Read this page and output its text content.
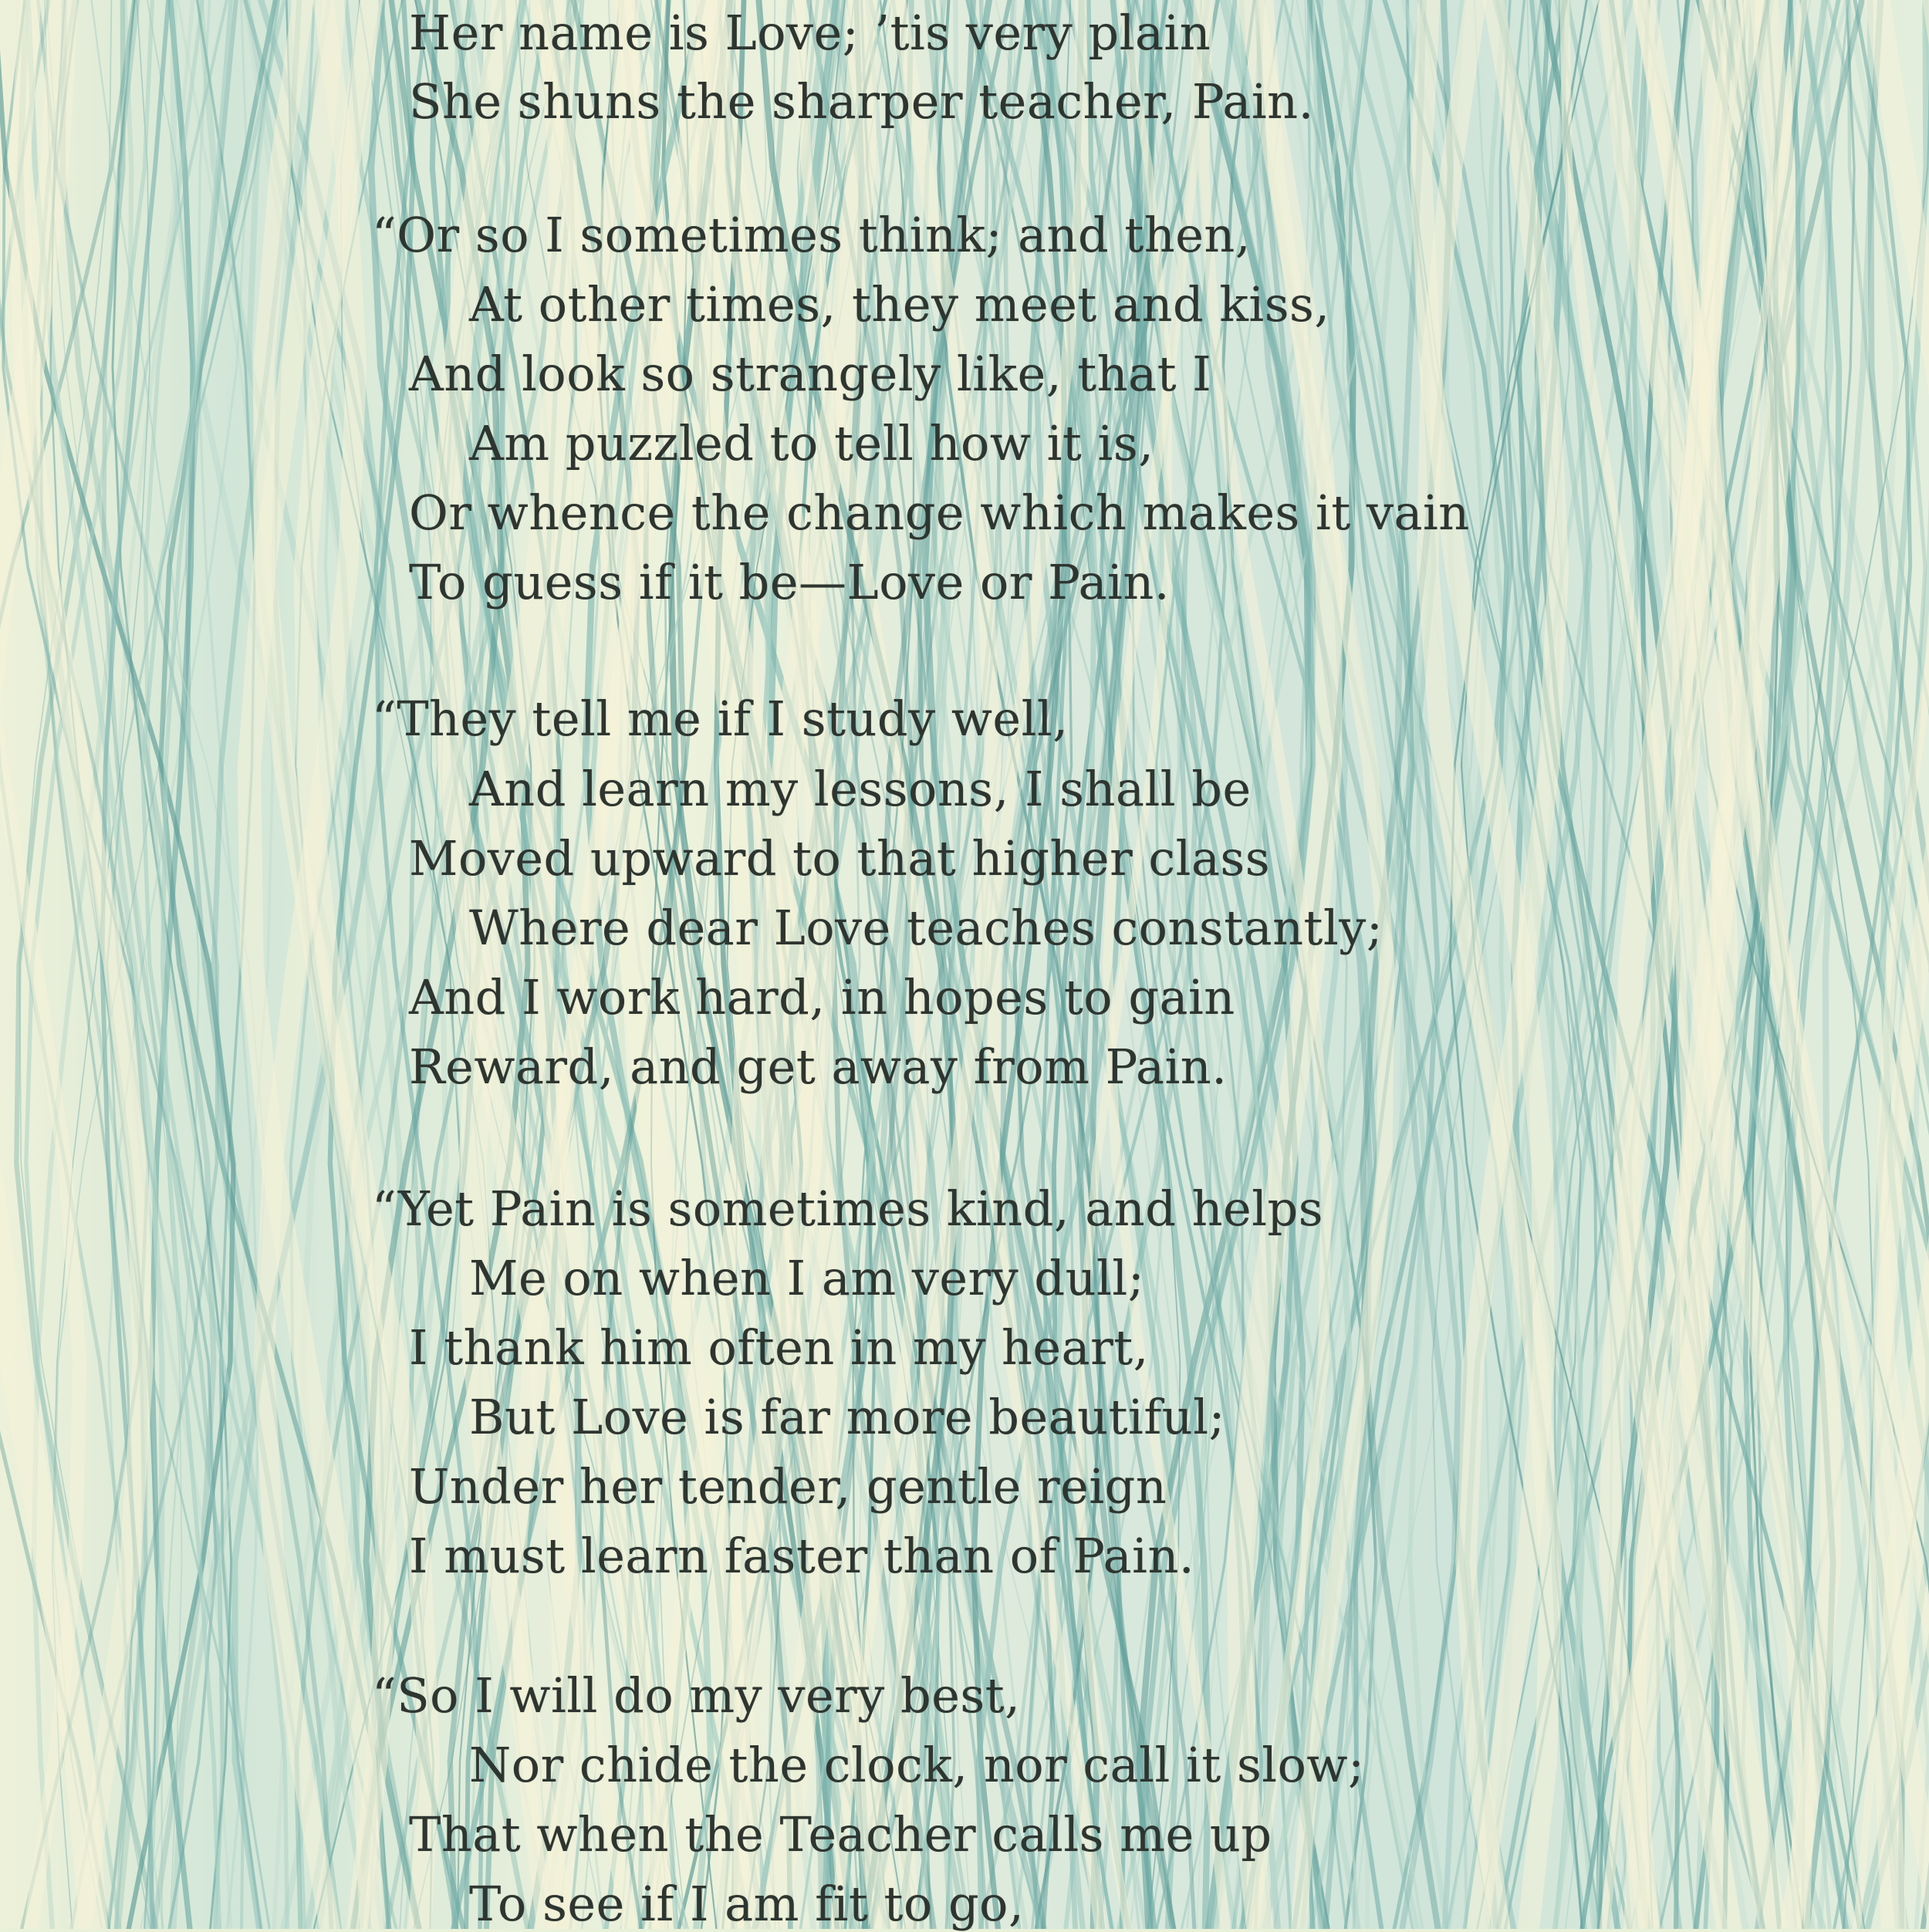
Her name is Love; ’tis very plain
She shuns the sharper teacher, Pain.
“Or so I sometimes think; and then,
At other times, they meet and kiss,
And look so strangely like, that I
Am puzzled to tell how it is,
Or whence the change which makes it vain
To guess if it be—Love or Pain.
“They tell me if I study well,
And learn my lessons, I shall be
Moved upward to that higher class
Where dear Love teaches constantly;
And I work hard, in hopes to gain
Reward, and get away from Pain.
“Yet Pain is sometimes kind, and helps
Me on when I am very dull;
I thank him often in my heart,
But Love is far more beautiful;
Under her tender, gentle reign
I must learn faster than of Pain.
“So I will do my very best,
Nor chide the clock, nor call it slow;
That when the Teacher calls me up
To see if I am fit to go,
